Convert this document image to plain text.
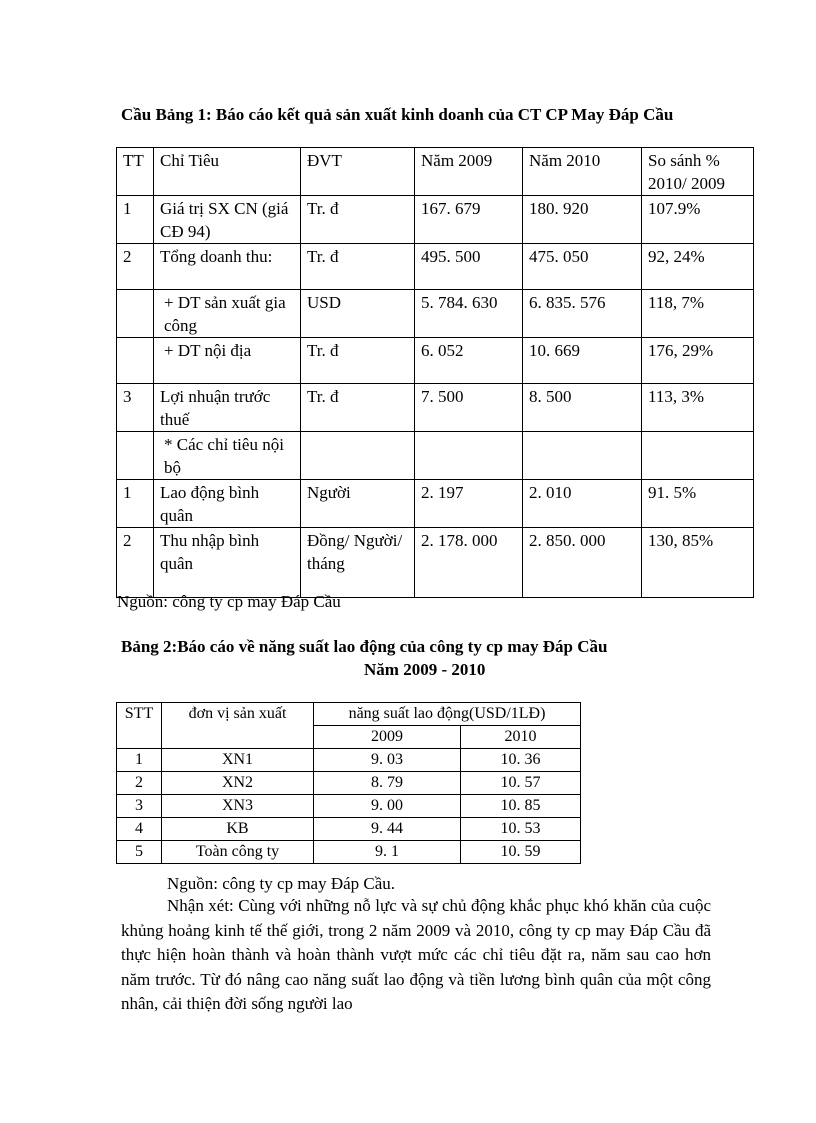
Cầu Bảng 1: Báo cáo kết quả sản xuất kinh doanh của CT CP May Đáp Cầu
TT	Chỉ Tiêu	ĐVT	Năm 2009	Năm 2010	So sánh % 2010/ 2009
1	Giá trị SX CN (giá CĐ 94)	Tr. đ	167. 679	180. 920	107.9%
2	Tổng doanh thu:	Tr. đ	495. 500	475. 050	92, 24%
	+ DT sản xuất gia công	USD	5. 784. 630	6. 835. 576	118, 7%
	+ DT nội địa	Tr. đ	6. 052	10. 669	176, 29%
3	Lợi nhuận trước thuế	Tr. đ	7. 500	8. 500	113, 3%
	* Các chỉ tiêu nội bộ				
1	Lao động bình quân	Người	2. 197	2. 010	91. 5%
2	Thu nhập bình quân	Đồng/ Người/ tháng	2. 178. 000	2. 850. 000	130, 85%
Nguồn: công ty cp may Đáp Cầu
Bảng 2:Báo cáo về năng suất lao động của công ty cp may Đáp Cầu
Năm 2009 - 2010
STT	đơn vị sản xuất	năng suất lao động(USD/1LĐ)	
		2009	2010
1	XN1	9. 03	10. 36
2	XN2	8. 79	10. 57
3	XN3	9. 00	10. 85
4	KB	9. 44	10. 53
5	Toàn công ty	9. 1	10. 59
Nguồn: công ty cp may Đáp Cầu.

Nhận xét: Cùng với những nỗ lực và sự chủ động khắc phục khó khăn của cuộc khủng hoảng kinh tế thế giới, trong 2 năm 2009 và 2010, công ty cp may Đáp Cầu đã thực hiện hoàn thành và hoàn thành vượt mức các chỉ tiêu đặt ra, năm sau cao hơn năm trước. Từ đó nâng cao năng suất lao động và tiền lương bình quân của một công nhân, cải thiện đời sống người lao
